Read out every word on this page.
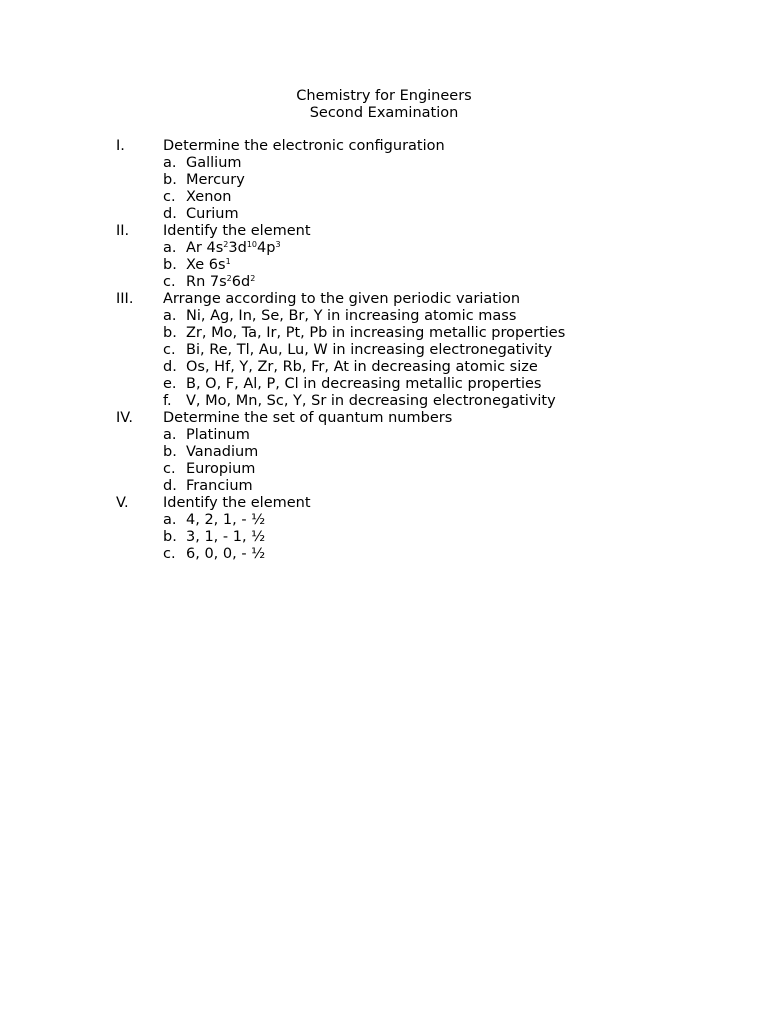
Chemistry for Engineers
Second Examination
I.	Determine the electronic configuration
a. Gallium
b. Mercury
c. Xenon
d. Curium
II. Identify the element
a. Ar $4s^23d^{10}4p^3$
b. Xe $6s^1$
c. Rn $7s^26d^2$
III. Arrange according to the given periodic variation
a. Ni, Ag, In, Se, Br, Y in increasing atomic mass
b. Zr, Mo, Ta, Ir, Pt, Pb in increasing metallic properties
c. Bi, Re, Tl, Au, Lu, W in increasing electronegativity
d. Os, Hf, Y, Zr, Rb, Fr, At in decreasing atomic size
e. B, O, F, Al, P, Cl in decreasing metallic properties
f. V, Mo, Mn, Sc, Y, Sr in decreasing electronegativity
IV. Determine the set of quantum numbers
a. Platinum
b. Vanadium
c. Europium
d. Francium
V. Identify the element
a. 4, 2, 1, - ½
b. 3, 1, - 1, ½
c. 6, 0, 0, - ½
